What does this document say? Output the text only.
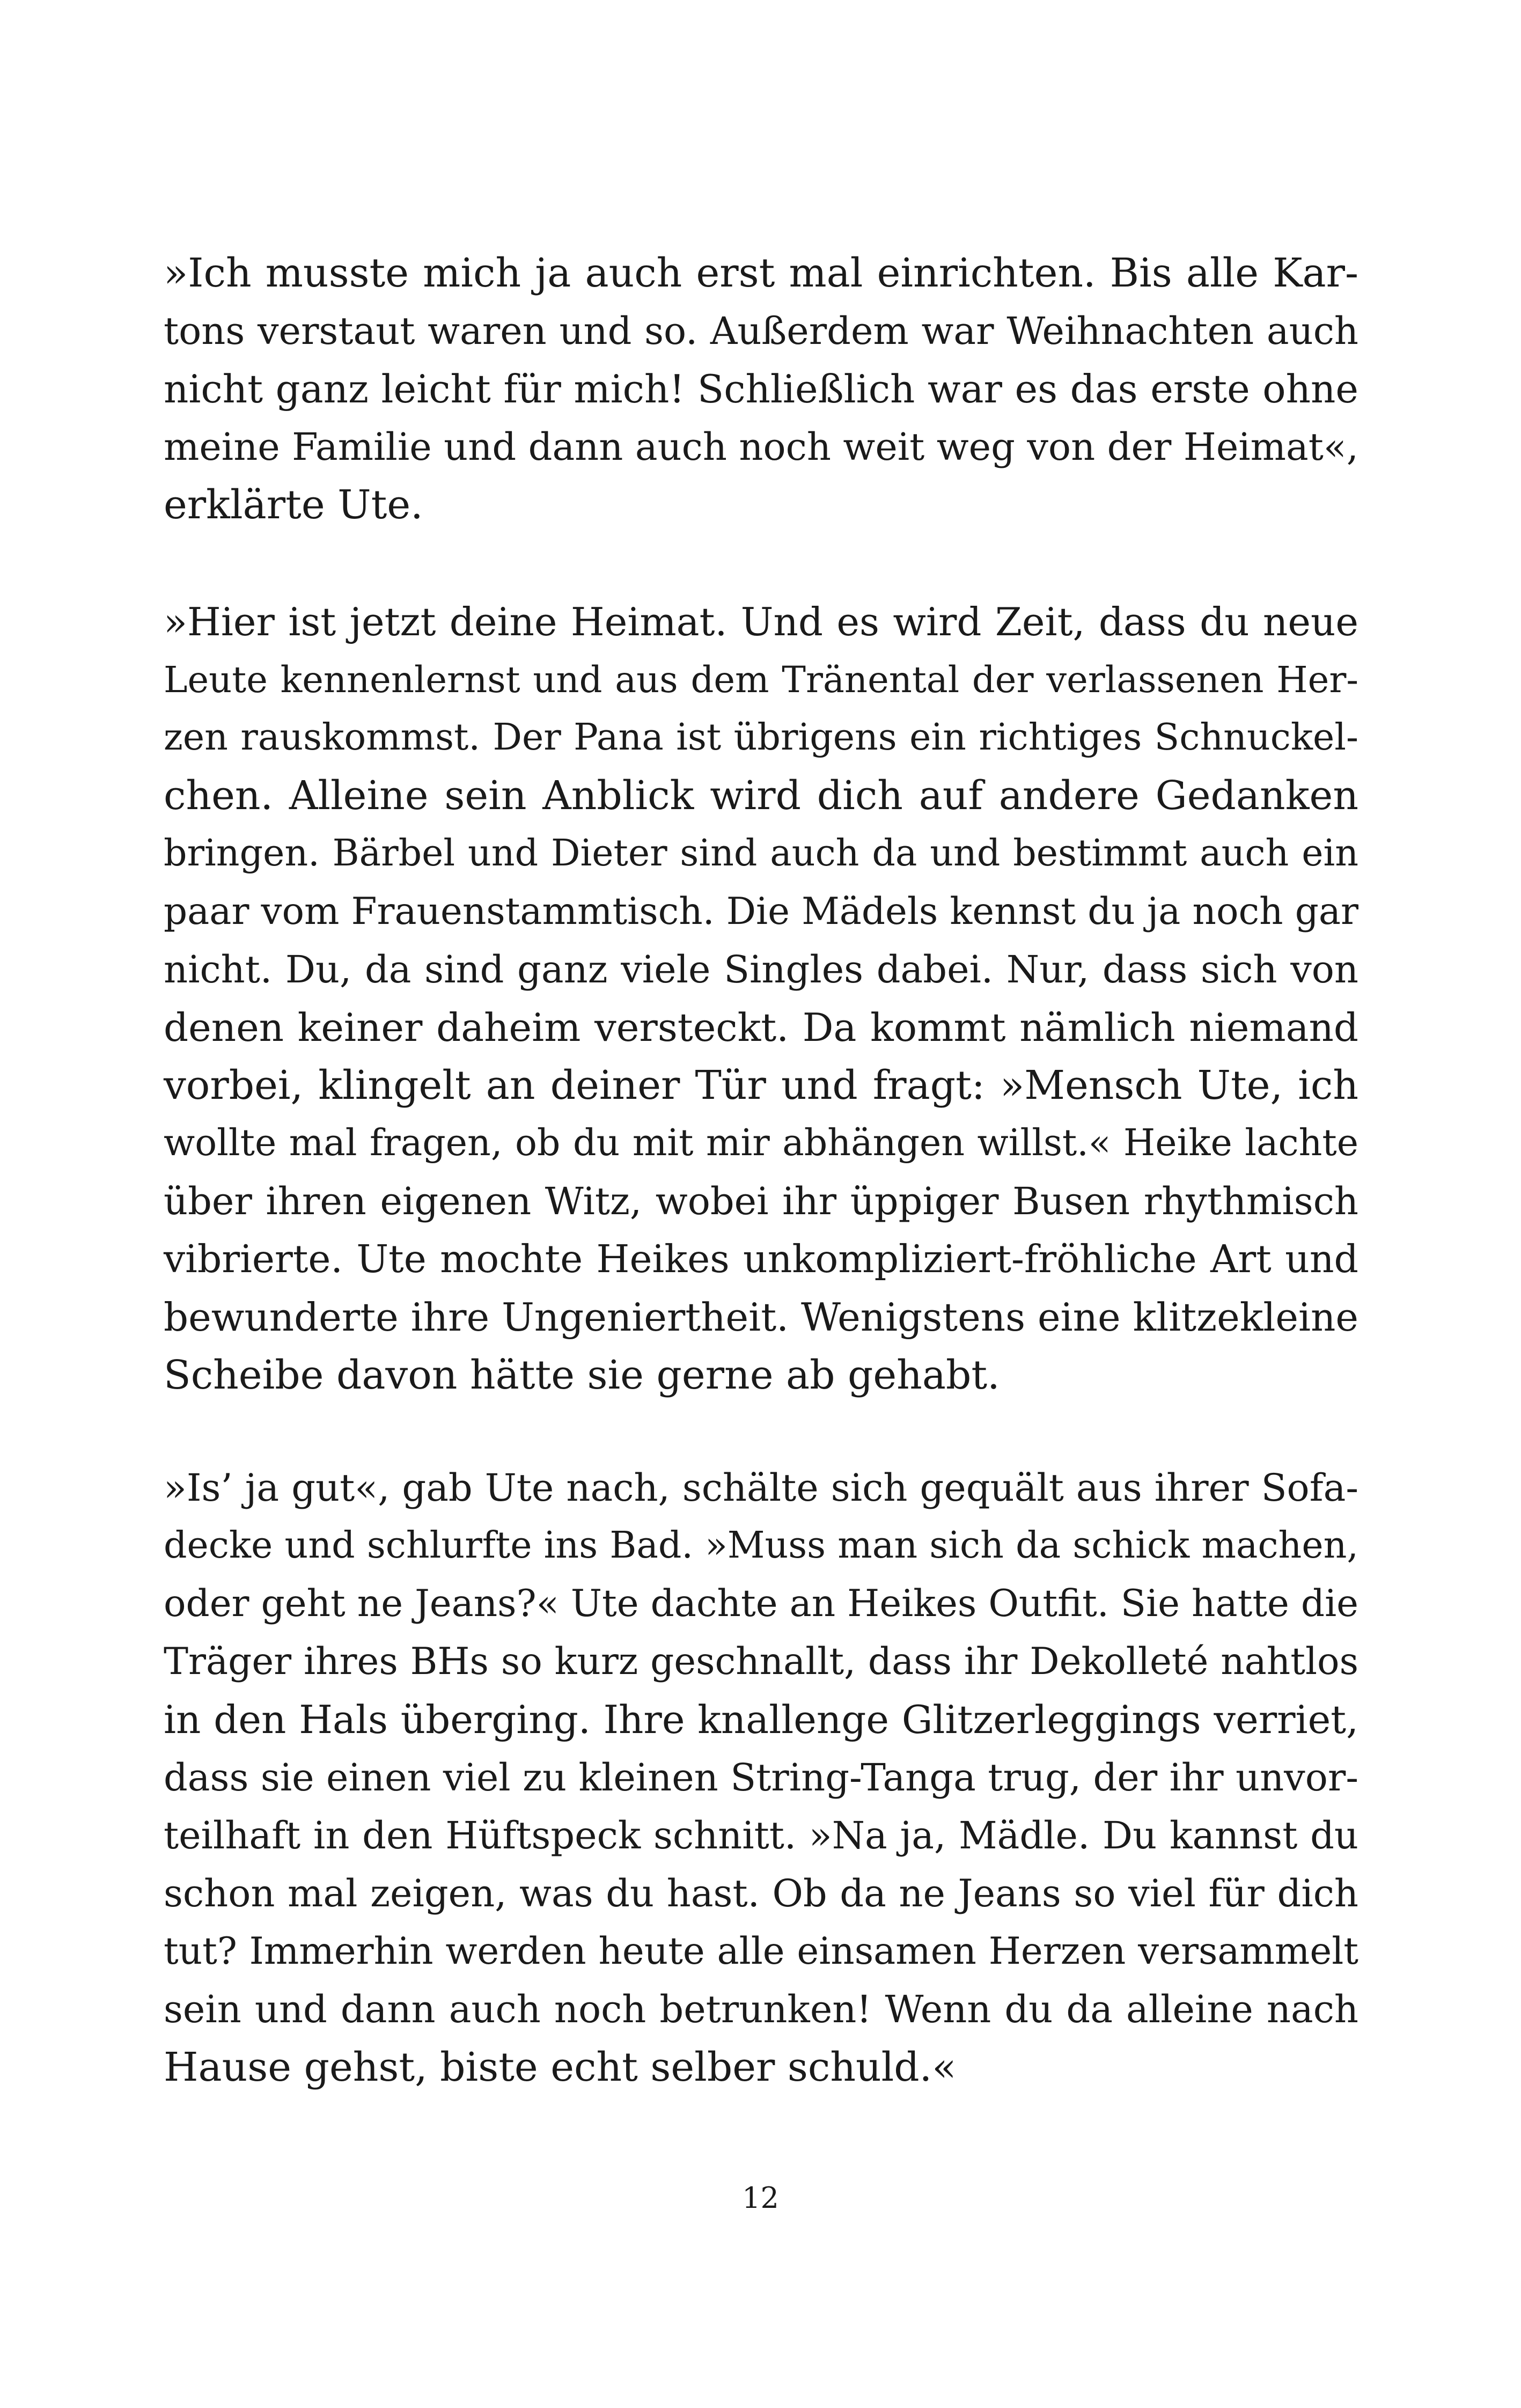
»Ich musste mich ja auch erst mal einrichten. Bis alle Kar-
tons verstaut waren und so. Außerdem war Weihnachten auch
nicht ganz leicht für mich! Schließlich war es das erste ohne
meine Familie und dann auch noch weit weg von der Heimat«,
erklärte Ute.

»Hier ist jetzt deine Heimat. Und es wird Zeit, dass du neue
Leute kennenlernst und aus dem Tränental der verlassenen Her-
zen rauskommst. Der Pana ist übrigens ein richtiges Schnuckel-
chen. Alleine sein Anblick wird dich auf andere Gedanken
bringen. Bärbel und Dieter sind auch da und bestimmt auch ein
paar vom Frauenstammtisch. Die Mädels kennst du ja noch gar
nicht. Du, da sind ganz viele Singles dabei. Nur, dass sich von
denen keiner daheim versteckt. Da kommt nämlich niemand
vorbei, klingelt an deiner Tür und fragt: »Mensch Ute, ich
wollte mal fragen, ob du mit mir abhängen willst.« Heike lachte
über ihren eigenen Witz, wobei ihr üppiger Busen rhythmisch
vibrierte. Ute mochte Heikes unkompliziert-fröhliche Art und
bewunderte ihre Ungeniertheit. Wenigstens eine klitzekleine
Scheibe davon hätte sie gerne ab gehabt.

»Is’ ja gut«, gab Ute nach, schälte sich gequält aus ihrer Sofa-
decke und schlurfte ins Bad. »Muss man sich da schick machen,
oder geht ne Jeans?« Ute dachte an Heikes Outfit. Sie hatte die
Träger ihres BHs so kurz geschnallt, dass ihr Dekolleté nahtlos
in den Hals überging. Ihre knallenge Glitzerleggings verriet,
dass sie einen viel zu kleinen String-Tanga trug, der ihr unvor-
teilhaft in den Hüftspeck schnitt. »Na ja, Mädle. Du kannst du
schon mal zeigen, was du hast. Ob da ne Jeans so viel für dich
tut? Immerhin werden heute alle einsamen Herzen versammelt
sein und dann auch noch betrunken! Wenn du da alleine nach
Hause gehst, biste echt selber schuld.«

12
